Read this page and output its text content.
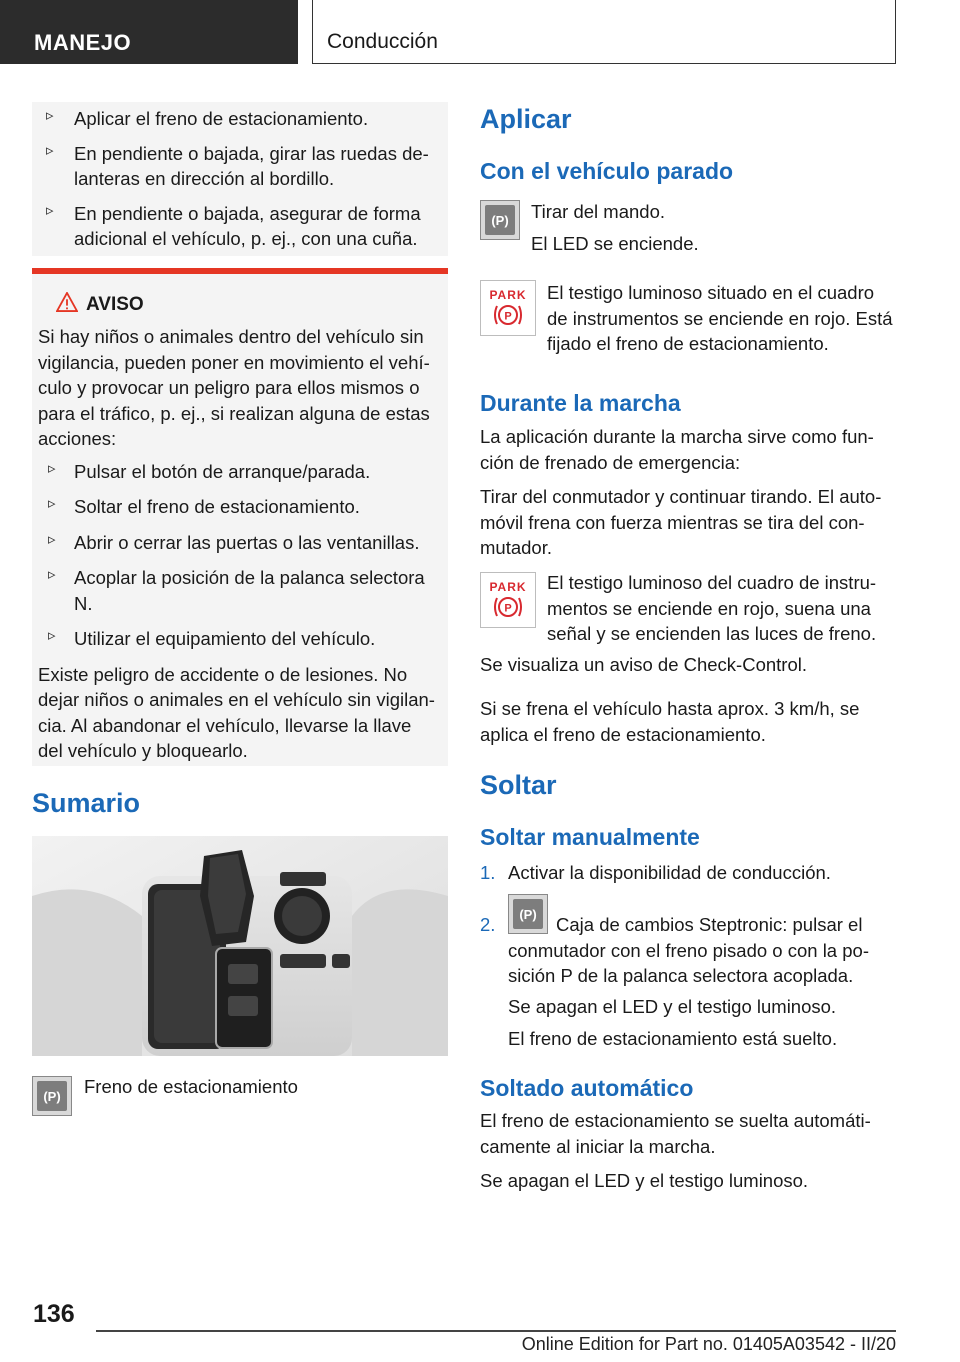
MANEJO	Conducción
▹ Aplicar el freno de estacionamiento.
▹ En pendiente o bajada, girar las ruedas de‐ lanteras en dirección al bordillo.
▹ En pendiente o bajada, asegurar de forma adicional el vehículo, p. ej., con una cuña.
AVISO

Si hay niños o animales dentro del vehículo sin vigilancia, pueden poner en movimiento el vehí‐ culo y provocar un peligro para ellos mismos o para el tráfico, p. ej., si realizan alguna de estas acciones:

▹ Pulsar el botón de arranque/parada.
▹ Soltar el freno de estacionamiento.
▹ Abrir o cerrar las puertas o las ventanillas.
▹ Acoplar la posición de la palanca selectora N.
▹ Utilizar el equipamiento del vehículo.

Existe peligro de accidente o de lesiones. No dejar niños o animales en el vehículo sin vigilan‐ cia. Al abandonar el vehículo, llevarse la llave del vehículo y bloquearlo.

Sumario
(P)	Freno de estacionamiento
Aplicar
Con el vehículo parado
(P)	Tirar del mando.
El LED se enciende.
PARK
P
El testigo luminoso situado en el cuadro de instrumentos se enciende en rojo. Está fijado el freno de estacionamiento.
Durante la marcha
La aplicación durante la marcha sirve como fun‐ ción de frenado de emergencia:
Tirar del conmutador y continuar tirando. El auto‐ móvil frena con fuerza mientras se tira del con‐ mutador.
PARK
P
El testigo luminoso del cuadro de instru‐ mentos se enciende en rojo, suena una señal y se encienden las luces de freno.
Se visualiza un aviso de Check-Control.
Si se frena el vehículo hasta aprox. 3 km/h, se aplica el freno de estacionamiento.
Soltar
Soltar manualmente
1. Activar la disponibilidad de conducción.
2.	(P)	Caja de cambios Steptronic: pulsar el conmutador con el freno pisado o con la po‐ sición P de la palanca selectora acoplada.
Se apagan el LED y el testigo luminoso.
El freno de estacionamiento está suelto.
Soltado automático
El freno de estacionamiento se suelta automáti‐ camente al iniciar la marcha.
Se apagan el LED y el testigo luminoso.
136
Online Edition for Part no. 01405A03542 - II/20
